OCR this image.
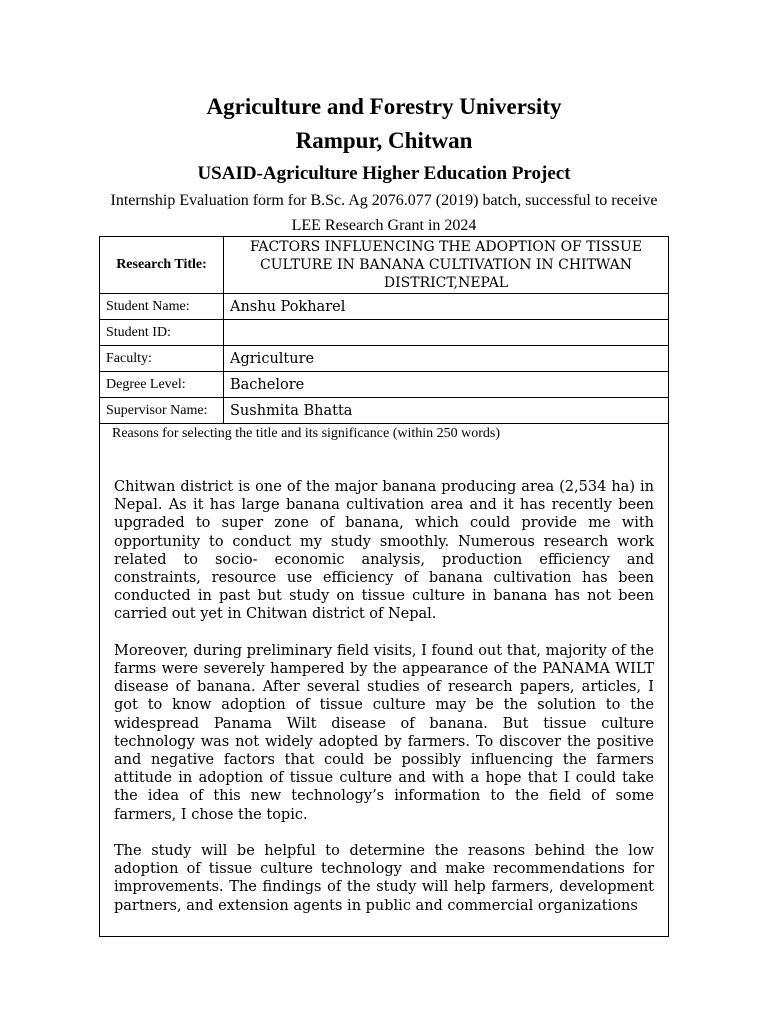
Agriculture and Forestry University
Rampur, Chitwan
USAID-Agriculture Higher Education Project
Internship Evaluation form for B.Sc. Ag 2076.077 (2019) batch, successful to receive LEE Research Grant in 2024
Research Title:	FACTORS INFLUENCING THE ADOPTION OF TISSUE CULTURE IN BANANA CULTIVATION IN CHITWAN DISTRICT,NEPAL
Student Name:	Anshu Pokharel
Student ID:	
Faculty:	Agriculture
Degree Level:	Bachelore
Supervisor Name:	Sushmita Bhatta

Reasons for selecting the title and its significance (within 250 words)

Chitwan district is one of the major banana producing area (2,534 ha) in Nepal. As it has large banana cultivation area and it has recently been upgraded to super zone of banana, which could provide me with opportunity to conduct my study smoothly. Numerous research work related to socio- economic analysis, production efficiency and constraints, resource use efficiency of banana cultivation has been conducted in past but study on tissue culture in banana has not been carried out yet in Chitwan district of Nepal.

Moreover, during preliminary field visits, I found out that, majority of the farms were severely hampered by the appearance of the PANAMA WILT disease of banana. After several studies of research papers, articles, I got to know adoption of tissue culture may be the solution to the widespread Panama Wilt disease of banana. But tissue culture technology was not widely adopted by farmers. To discover the positive and negative factors that could be possibly influencing the farmers attitude in adoption of tissue culture and with a hope that I could take the idea of this new technology’s information to the field of some farmers, I chose the topic.

The study will be helpful to determine the reasons behind the low adoption of tissue culture technology and make recommendations for improvements. The findings of the study will help farmers, development partners, and extension agents in public and commercial organizations	
